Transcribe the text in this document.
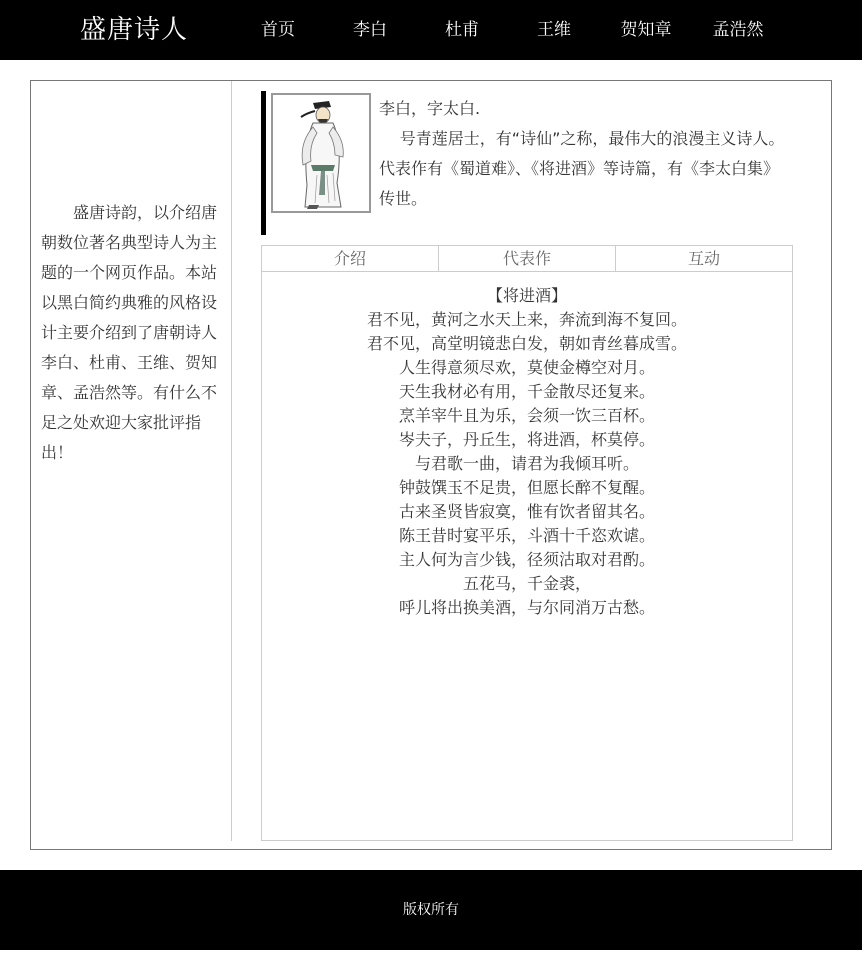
盛唐诗人	首页	李白	杜甫	王维	贺知章	孟浩然
盛唐诗韵，以介绍唐朝数位著名典型诗人为主题的一个网页作品。本站以黑白简约典雅的风格设计主要介绍到了唐朝诗人李白、杜甫、王维、贺知章、孟浩然等。有什么不足之处欢迎大家批评指出！
李白，字太白.
号青莲居士，有“诗仙”之称，最伟大的浪漫主义诗人。代表作有《蜀道难》、《将进酒》等诗篇，有《李太白集》传世。
介绍	代表作	互动
【将进酒】
君不见，黄河之水天上来，奔流到海不复回。
君不见，高堂明镜悲白发，朝如青丝暮成雪。
人生得意须尽欢，莫使金樽空对月。
天生我材必有用，千金散尽还复来。
烹羊宰牛且为乐，会须一饮三百杯。
岑夫子，丹丘生，将进酒，杯莫停。
与君歌一曲，请君为我倾耳听。
钟鼓馔玉不足贵，但愿长醉不复醒。
古来圣贤皆寂寞，惟有饮者留其名。
陈王昔时宴平乐，斗酒十千恣欢谑。
主人何为言少钱，径须沽取对君酌。
五花马，千金裘，
呼儿将出换美酒，与尔同消万古愁。
版权所有
